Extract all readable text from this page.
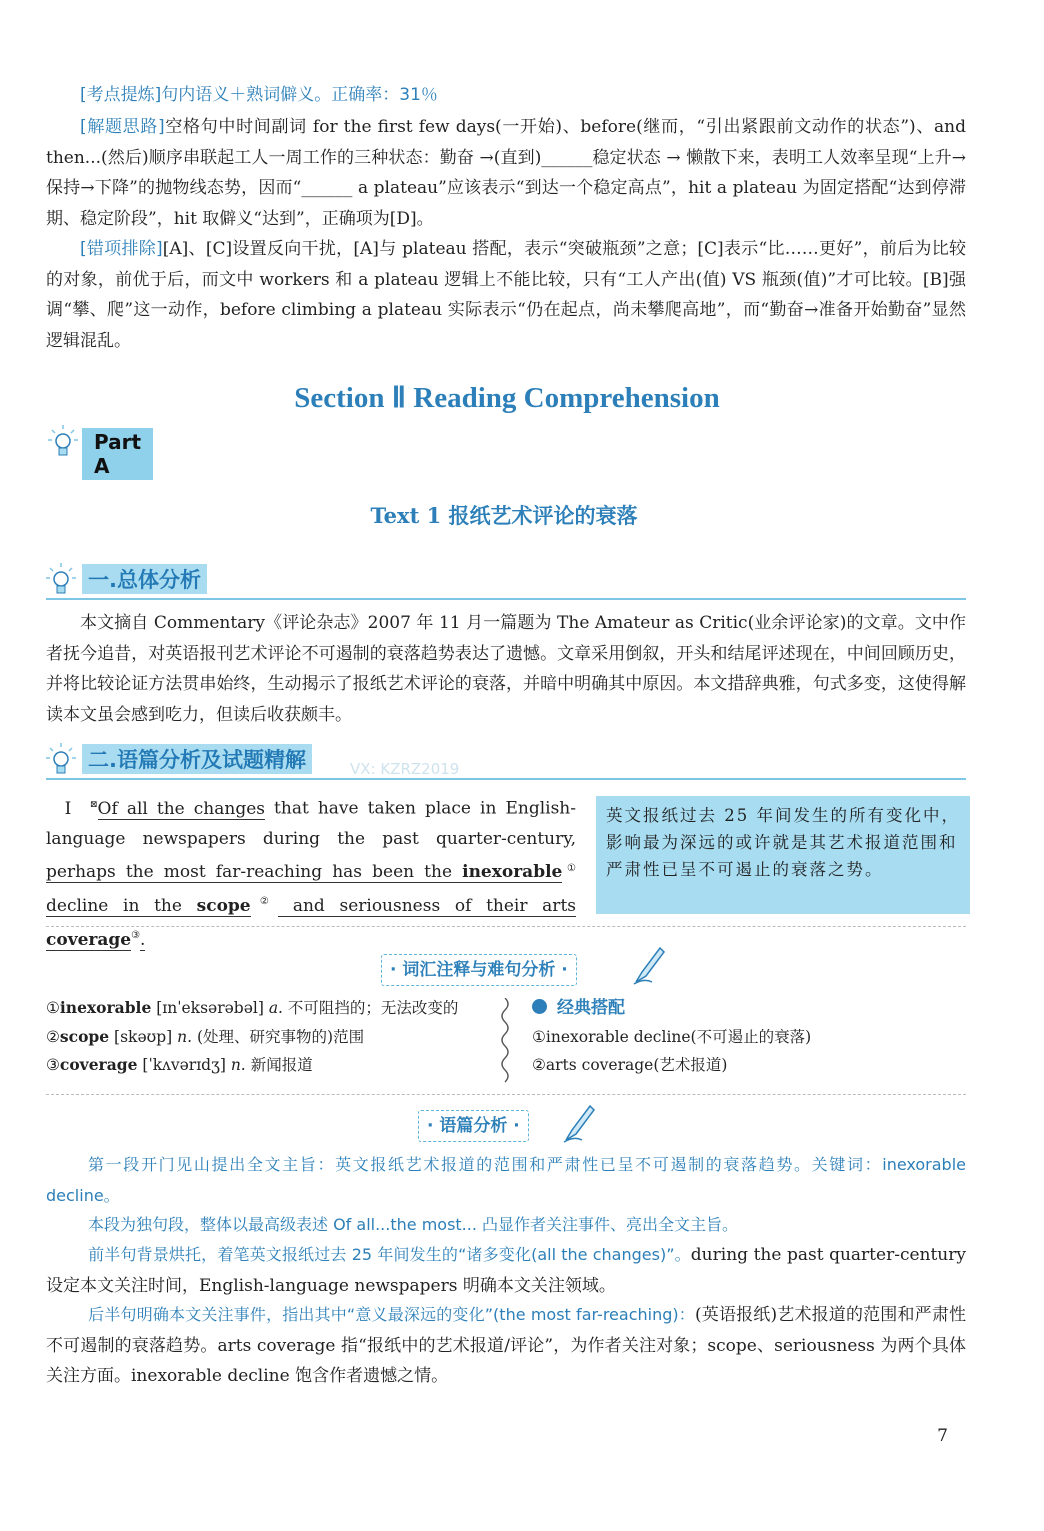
[考点提炼]句内语义＋熟词僻义。正确率：31％
[解题思路]空格句中时间副词 for the first few days(一开始)、before(继而，“引出紧跟前文动作的状态”)、and then...(然后)顺序串联起工人一周工作的三种状态：勤奋 →(直到)______稳定状态 → 懒散下来，表明工人效率呈现“上升→保持→下降”的抛物线态势，因而“______ a plateau”应该表示“到达一个稳定高点”，hit a plateau 为固定搭配“达到停滞期、稳定阶段”，hit 取僻义“达到”，正确项为[D]。
[错项排除][A]、[C]设置反向干扰，[A]与 plateau 搭配，表示“突破瓶颈”之意；[C]表示“比……更好”，前后为比较的对象，前优于后，而文中 workers 和 a plateau 逻辑上不能比较，只有“工人产出(值) VS 瓶颈(值)”才可比较。[B]强调“攀、爬”这一动作，before climbing a plateau 实际表示“仍在起点，尚未攀爬高地”，而“勤奋→准备开始勤奋”显然逻辑混乱。
Section Ⅱ Reading Comprehension
Part A
Text 1 报纸艺术评论的衰落
一.总体分析
本文摘自 Commentary《评论杂志》2007 年 11 月一篇题为 The Amateur as Critic(业余评论家)的文章。文中作者抚今追昔，对英语报刊艺术评论不可遏制的衰落趋势表达了遗憾。文章采用倒叙，开头和结尾评述现在，中间回顾历史，并将比较论证方法贯串始终，生动揭示了报纸艺术评论的衰落，并暗中明确其中原因。本文措辞典雅，句式多变，这使得解读本文虽会感到吃力，但读后收获颇丰。
二.语篇分析及试题精解	VX: KZRZ2019
Ⅰ ⊠Of all the changes that have taken place in English-language newspapers during the past quarter-century, perhaps the most far-reaching has been the inexorable① decline in the scope② and seriousness of their arts coverage③.
英文报纸过去 25 年间发生的所有变化中，影响最为深远的或许就是其艺术报道范围和严肃性已呈不可遏止的衰落之势。
· 词汇注释与难句分析 ·
①inexorable [ɪnˈeksərəbəl] a. 不可阻挡的；无法改变的
②scope [skəʊp] n. (处理、研究事物的)范围
③coverage [ˈkʌvərɪdʒ] n. 新闻报道
经典搭配
①inexorable decline(不可遏止的衰落)
②arts coverage(艺术报道)
· 语篇分析 ·
第一段开门见山提出全文主旨：英文报纸艺术报道的范围和严肃性已呈不可遏制的衰落趋势。关键词：inexorable decline。
本段为独句段，整体以最高级表述 Of all...the most... 凸显作者关注事件、亮出全文主旨。
前半句背景烘托，着笔英文报纸过去 25 年间发生的“诸多变化(all the changes)”。during the past quarter-century 设定本文关注时间，English-language newspapers 明确本文关注领域。
后半句明确本文关注事件，指出其中“意义最深远的变化”(the most far-reaching)：(英语报纸)艺术报道的范围和严肃性不可遏制的衰落趋势。arts coverage 指“报纸中的艺术报道/评论”，为作者关注对象；scope、seriousness 为两个具体关注方面。inexorable decline 饱含作者遗憾之情。
7
